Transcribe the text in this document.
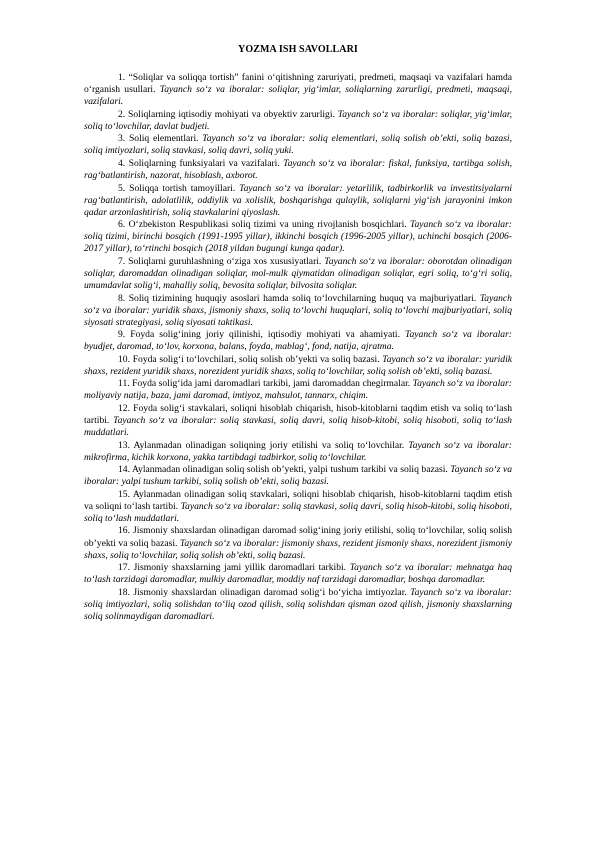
YOZMA ISH SAVOLLARI

1. “Soliqlar va soliqqa tortish” fanini o‘qitishning zaruriyati, predmeti, maqsaqi va vazifalari hamda o‘rganish usullari. Tayanch so‘z va iboralar: soliqlar, yig‘imlar, soliqlarning zarurligi, predmeti, maqsaqi, vazifalari.

2. Soliqlarning iqtisodiy mohiyati va obyektiv zarurligi. Tayanch so‘z va iboralar: soliqlar, yig‘imlar, soliq to‘lovchilar, davlat budjeti.

3. Soliq elementlari. Tayanch so‘z va iboralar: soliq elementlari, soliq solish ob’ekti, soliq bazasi, soliq imtiyozlari, soliq stavkasi, soliq davri, soliq yuki.

4. Soliqlarning funksiyalari va vazifalari. Tayanch so‘z va iboralar: fiskal, funksiya, tartibga solish, rag‘batlantirish, nazorat, hisoblash, axborot.

5. Soliqqa tortish tamoyillari. Tayanch so‘z va iboralar: yetarlilik, tadbirkorlik va investitsiyalarni rag‘batlantirish, adolatlilik, oddiylik va xolislik, boshqarishga qulaylik, soliqlarni yig‘ish jarayonini imkon qadar arzonlashtirish, soliq stavkalarini qiyoslash.

6. O‘zbekiston Respublikasi soliq tizimi va uning rivojlanish bosqichlari. Tayanch so‘z va iboralar: soliq tizimi, birinchi bosqich (1991-1995 yillar), ikkinchi bosqich (1996-2005 yillar), uchinchi bosqich (2006-2017 yillar), to‘rtinchi bosqich (2018 yildan bugungi kunga qadar).

7. Soliqlarni guruhlashning o‘ziga xos xususiyatlari. Tayanch so‘z va iboralar: oborotdan olinadigan soliqlar, daromaddan olinadigan soliqlar, mol-mulk qiymatidan olinadigan soliqlar, egri soliq, to‘g‘ri soliq, umumdavlat solig‘i, mahalliy soliq, bevosita soliqlar, bilvosita soliqlar.

8. Soliq tizimining huquqiy asoslari hamda soliq to‘lovchilarning huquq va majburiyatlari. Tayanch so‘z va iboralar: yuridik shaxs, jismoniy shaxs, soliq to‘lovchi huquqlari, soliq to‘lovchi majburiyatlari, soliq siyosati strategiyasi, soliq siyosati taktikasi.

9. Foyda solig‘ining joriy qilinishi, iqtisodiy mohiyati va ahamiyati. Tayanch so‘z va iboralar: byudjet, daromad, to‘lov, korxona, balans, foyda, mablag‘, fond, natija, ajratma.

10. Foyda solig‘i to‘lovchilari, soliq solish ob’yekti va soliq bazasi. Tayanch so‘z va iboralar: yuridik shaxs, rezident yuridik shaxs, norezident yuridik shaxs, soliq to‘lovchilar, soliq solish ob’ekti, soliq bazasi.

11. Foyda solig‘ida jami daromadlari tarkibi, jami daromaddan chegirmalar. Tayanch so‘z va iboralar: moliyaviy natija, baza, jami daromad, imtiyoz, mahsulot, tannarx, chiqim.

12. Foyda solig‘i stavkalari, soliqni hisoblab chiqarish, hisob-kitoblarni taqdim etish va soliq to‘lash tartibi. Tayanch so‘z va iboralar: soliq stavkasi, soliq davri, soliq hisob-kitobi, soliq hisoboti, soliq to‘lash muddatlari.

13. Aylanmadan olinadigan soliqning joriy etilishi va soliq to‘lovchilar. Tayanch so‘z va iboralar: mikrofirma, kichik korxona, yakka tartibdagi tadbirkor, soliq to‘lovchilar.

14. Aylanmadan olinadigan soliq solish ob’yekti, yalpi tushum tarkibi va soliq bazasi. Tayanch so‘z va iboralar: yalpi tushum tarkibi, soliq solish ob’ekti, soliq bazasi.

15. Aylanmadan olinadigan soliq stavkalari, soliqni hisoblab chiqarish, hisob-kitoblarni taqdim etish va soliqni to‘lash tartibi. Tayanch so‘z va iboralar: soliq stavkasi, soliq davri, soliq hisob-kitobi, soliq hisoboti, soliq to‘lash muddatlari.

16. Jismoniy shaxslardan olinadigan daromad solig‘ining joriy etilishi, soliq to‘lovchilar, soliq solish ob’yekti va soliq bazasi. Tayanch so‘z va iboralar: jismoniy shaxs, rezident jismoniy shaxs, norezident jismoniy shaxs, soliq to‘lovchilar, soliq solish ob’ekti, soliq bazasi.

17. Jismoniy shaxslarning jami yillik daromadlari tarkibi. Tayanch so‘z va iboralar: mehnatga haq to‘lash tarzidagi daromadlar, mulkiy daromadlar, moddiy naf tarzidagi daromadlar, boshqa daromadlar.

18. Jismoniy shaxslardan olinadigan daromad solig‘i bo‘yicha imtiyozlar. Tayanch so‘z va iboralar: soliq imtiyozlari, soliq solishdan to‘liq ozod qilish, soliq solishdan qisman ozod qilish, jismoniy shaxslarning soliq solinmaydigan daromadlari.
